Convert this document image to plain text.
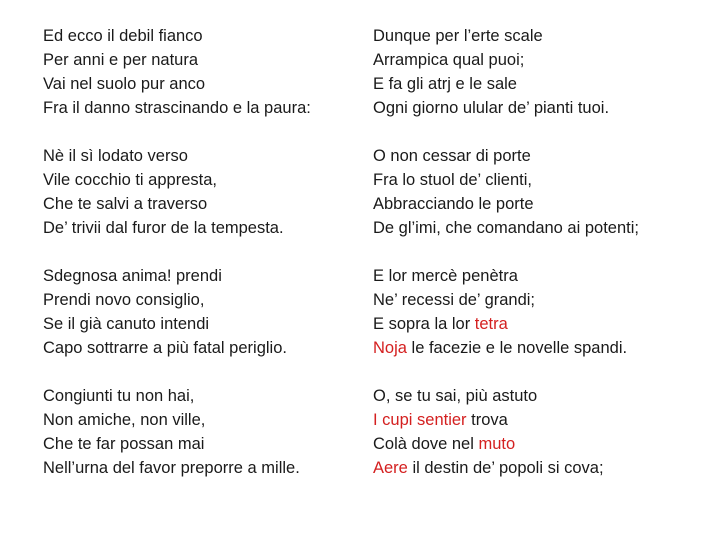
Ed ecco il debil fianco
Per anni e per natura
Vai nel suolo pur anco
Fra il danno strascinando e la paura:
Dunque per l’erte scale
Arrampica qual puoi;
E fa gli atrj e le sale
Ogni giorno ulular de’ pianti tuoi.
Nè il sì lodato verso
Vile cocchio ti appresta,
Che te salvi a traverso
De’ trivii dal furor de la tempesta.
O non cessar di porte
Fra lo stuol de’ clienti,
Abbracciando le porte
De gl’imi, che comandano ai potenti;
Sdegnosa anima! prendi
Prendi novo consiglio,
Se il già canuto intendi
Capo sottrarre a più fatal periglio.
E lor mercè penètra
Ne’ recessi de’ grandi;
E sopra la lor tetra
Noja le facezie e le novelle spandi.
Congiunti tu non hai,
Non amiche, non ville,
Che te far possan mai
Nell’urna del favor preporre a mille.
O, se tu sai, più astuto
I cupi sentier trova
Colà dove nel muto
Aere il destin de’ popoli si cova;
